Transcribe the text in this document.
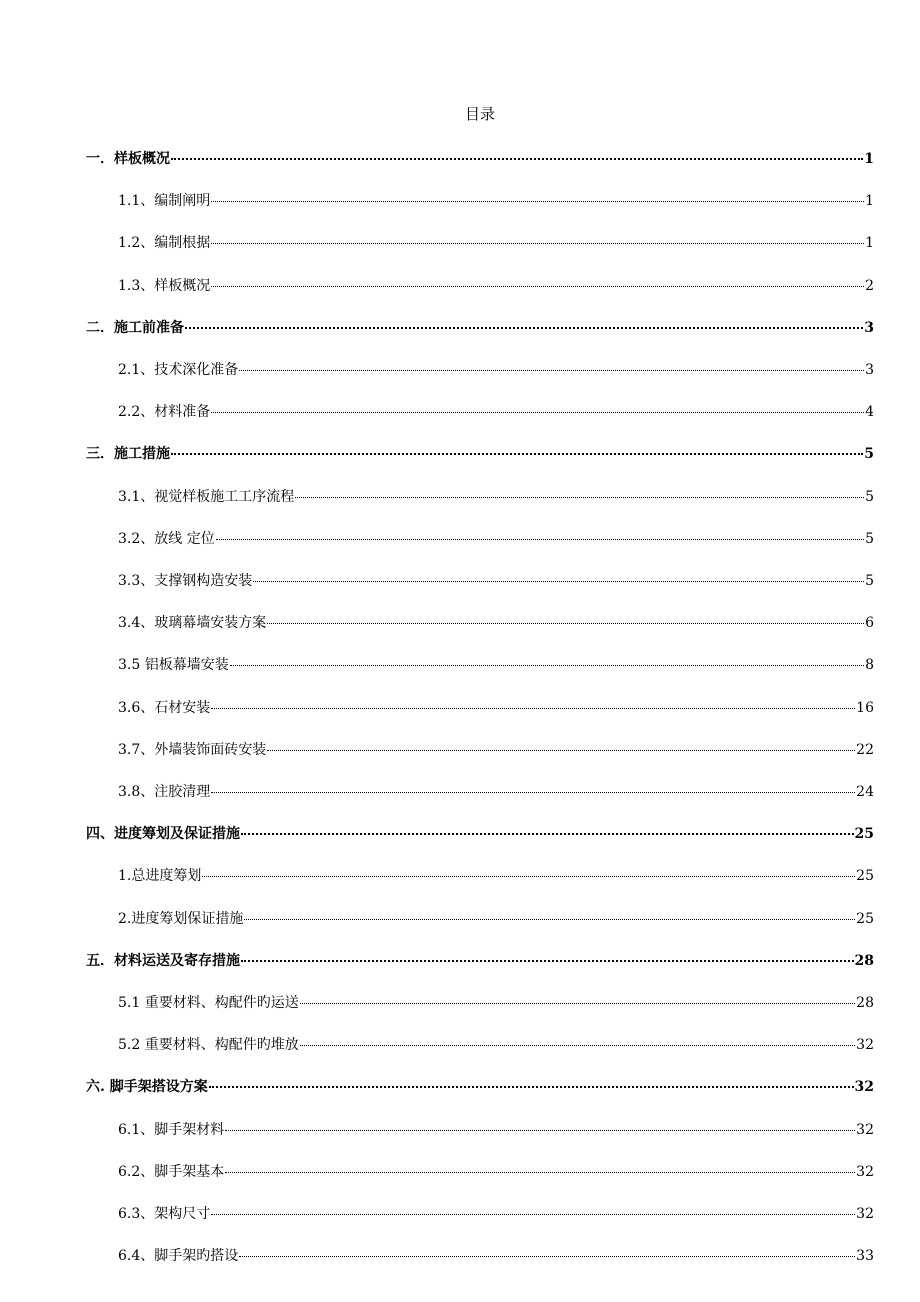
目录
一．样板概况	1
1.1、编制阐明	1
1.2、编制根据	1
1.3、样板概况	2
二．施工前准备	3
2.1、技术深化准备	3
2.2、材料准备	4
三．施工措施	5
3.1、视觉样板施工工序流程	5
3.2、放线 定位	5
3.3、支撑钢构造安装	5
3.4、玻璃幕墙安装方案	6
3.5 铝板幕墙安装	8
3.6、石材安装	16
3.7、外墙装饰面砖安装	22
3.8、注胶清理	24
四、进度筹划及保证措施	25
1.总进度筹划	25
2.进度筹划保证措施	25
五．材料运送及寄存措施	28
5.1 重要材料、构配件旳运送	28
5.2 重要材料、构配件旳堆放	32
六. 脚手架搭设方案	32
6.1、脚手架材料	32
6.2、脚手架基本	32
6.3、架构尺寸	32
6.4、脚手架旳搭设	33
